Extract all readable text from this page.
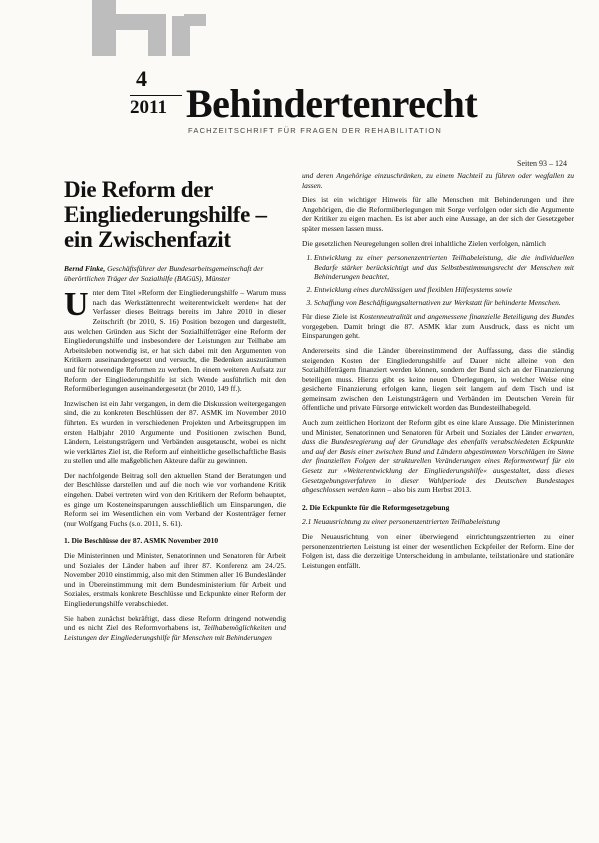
4
2011 Behindertenrecht
FACHZEITSCHRIFT FÜR FRAGEN DER REHABILITATION
Seiten 93 – 124
Die Reform der
Eingliederungshilfe –
ein Zwischenfazit

Bernd Finke, Geschäftsführer der Bundesarbeitsgemeinschaft der überörtlichen Träger der Sozialhilfe (BAGüS), Münster

U nter dem Titel »Reform der Eingliederungshilfe – Warum muss nach das Werkstättenrecht weiterentwickelt werden« hat der Verfasser dieses Beitrags bereits im Jahre 2010 in dieser Zeitschrift (br 2010, S. 16) Position bezogen und dargestellt, aus welchen Gründen aus Sicht der Sozialhilfeträger eine Reform der Eingliederungshilfe und insbesondere der Leistungen zur Teilhabe am Arbeitsleben notwendig ist, er hat sich dabei mit den Argumenten von Kritikern auseinandergesetzt und versucht, die Bedenken auszuräumen und für notwendige Reformen zu werben. In einem weiteren Aufsatz zur Reform der Eingliederungshilfe ist sich Wende ausführlich mit den Reformüberlegungen auseinandergesetzt (br 2010, 149 ff.).

Inzwischen ist ein Jahr vergangen, in dem die Diskussion weitergegangen sind, die zu konkreten Beschlüssen der 87. ASMK im November 2010 führten. Es wurden in verschiedenen Projekten und Arbeitsgruppen im ersten Halbjahr 2010 Argumente und Positionen zwischen Bund, Ländern, Leistungsträgern und Verbänden ausgetauscht, wobei es nicht wie verklärtes Ziel ist, die Reform auf einheitliche gesellschaftliche Basis zu stellen und alle maßgeblichen Akteure dafür zu gewinnen.

Der nachfolgende Beitrag soll den aktuellen Stand der Beratungen und der Beschlüsse darstellen und auf die noch wie vor vorhandene Kritik eingehen. Dabei vertreten wird von den Kritikern der Reform behauptet, es ginge um Kosteneinsparungen ausschließlich um Einsparungen, die Reform sei im Wesentlichen ein vom Verband der Kostenträger ferner (nur Wolfgang Fuchs (s.o. 2011, S. 61).

1. Die Beschlüsse der 87. ASMK November 2010

Die Ministerinnen und Minister, Senatorinnen und Senatoren für Arbeit und Soziales der Länder haben auf ihrer 87. Konferenz am 24./25. November 2010 einstimmig, also mit den Stimmen aller 16 Bundesländer und in Übereinstimmung mit dem Bundesministerium für Arbeit und Soziales, erstmals konkrete Beschlüsse und Eckpunkte einer Reform der Eingliederungshilfe verabschiedet.

Sie haben zunächst bekräftigt, dass diese Reform dringend notwendig und es nicht Ziel des Reformvorhabens ist, Teilhabemöglichkeiten und Leistungen der Eingliederungshilfe für Menschen mit Behinderungen

und deren Angehörige einzuschränken, zu einem Nachteil zu führen oder wegfallen zu lassen.

Dies ist ein wichtiger Hinweis für alle Menschen mit Behinderungen und ihre Angehörigen, die die Reformüberlegungen mit Sorge verfolgen oder sich die Argumente der Kritiker zu eigen machen. Es ist aber auch eine Aussage, an der sich der Gesetzgeber später messen lassen muss.

Die gesetzlichen Neuregelungen sollen drei inhaltliche Zielen verfolgen, nämlich

1. Entwicklung zu einer personenzentrierten Teilhabeleistung, die die individuellen Bedarfe stärker berücksichtigt und das Selbstbestimmungsrecht der Menschen mit Behinderungen beachtet,
2. Entwicklung eines durchlässigen und flexiblen Hilfesystems sowie
3. Schaffung von Beschäftigungsalternativen zur Werkstatt für behinderte Menschen.

Für diese Ziele ist Kostenneutralität und angemessene finanzielle Beteiligung des Bundes vorgegeben. Damit bringt die 87. ASMK klar zum Ausdruck, dass es nicht um Einsparungen geht.

Andererseits sind die Länder übereinstimmend der Auffassung, dass die ständig steigenden Kosten der Eingliederungshilfe auf Dauer nicht alleine von den Sozialhilfeträgern finanziert werden können, sondern der Bund sich an der Finanzierung beteiligen muss. Hierzu gibt es keine neuen Überlegungen, in welcher Weise eine gesicherte Finanzierung erfolgen kann, liegen seit langem auf dem Tisch und ist gemeinsam zwischen den Leistungsträgern und Verbänden im Deutschen Verein für öffentliche und private Fürsorge entwickelt worden das Bundesteilhabegeld.

Auch zum zeitlichen Horizont der Reform gibt es eine klare Aussage. Die Ministerinnen und Minister, Senatorinnen und Senatoren für Arbeit und Soziales der Länder erwarten, dass die Bundesregierung auf der Grundlage des ebenfalls verabschiedeten Eckpunkte und auf der Basis einer zwischen Bund und Ländern abgestimmten Vorschlägen im Sinne der finanziellen Folgen der strukturellen Veränderungen eines Reformentwurf für ein Gesetz zur »Weiterentwicklung der Eingliederungshilfe« ausgestaltet, dass dieses Gesetzgebungsverfahren in dieser Wahlperiode des Deutschen Bundestages abgeschlossen werden kann – also bis zum Herbst 2013.

2. Die Eckpunkte für die Reformgesetzgebung
2.1 Neuausrichtung zu einer personenzentrierten Teilhabeleistung

Die Neuausrichtung von einer überwiegend einrichtungszentrierten zu einer personenzentrierten Leistung ist einer der wesentlichen Eckpfeiler der Reform. Eine der Folgen ist, dass die derzeitige Unterscheidung in ambulante, teilstationäre und stationäre Leistungen entfällt.
